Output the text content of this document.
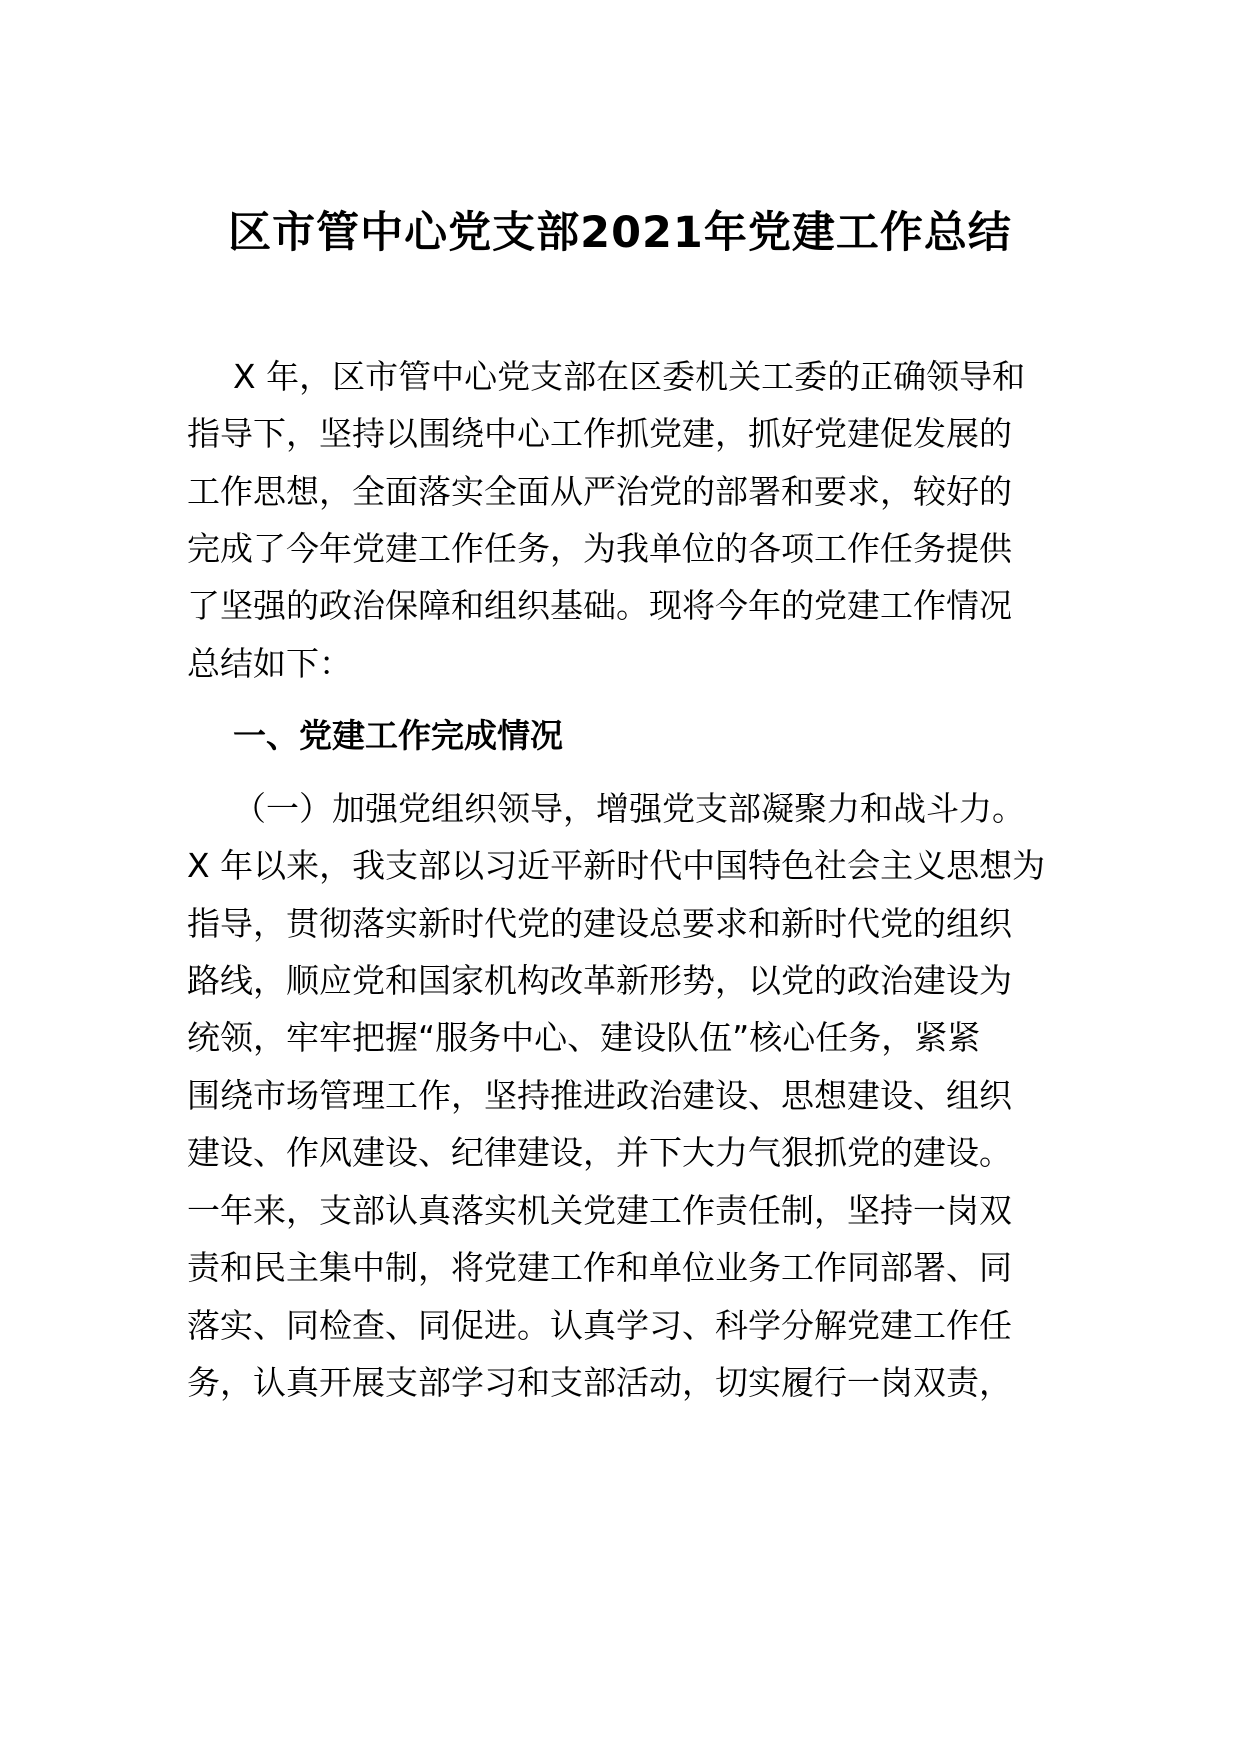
区市管中心党支部2021年党建工作总结
X 年，区市管中心党支部在区委机关工委的正确领导和
指导下，坚持以围绕中心工作抓党建，抓好党建促发展的
工作思想，全面落实全面从严治党的部署和要求，较好的
完成了今年党建工作任务，为我单位的各项工作任务提供
了坚强的政治保障和组织基础。现将今年的党建工作情况
总结如下：
一、党建工作完成情况
（一）加强党组织领导，增强党支部凝聚力和战斗力。
X 年以来，我支部以习近平新时代中国特色社会主义思想为
指导，贯彻落实新时代党的建设总要求和新时代党的组织
路线，顺应党和国家机构改革新形势，以党的政治建设为
统领，牢牢把握“服务中心、建设队伍”核心任务，紧紧
围绕市场管理工作，坚持推进政治建设、思想建设、组织
建设、作风建设、纪律建设，并下大力气狠抓党的建设。
一年来，支部认真落实机关党建工作责任制，坚持一岗双
责和民主集中制，将党建工作和单位业务工作同部署、同
落实、同检查、同促进。认真学习、科学分解党建工作任
务，认真开展支部学习和支部活动，切实履行一岗双责，
